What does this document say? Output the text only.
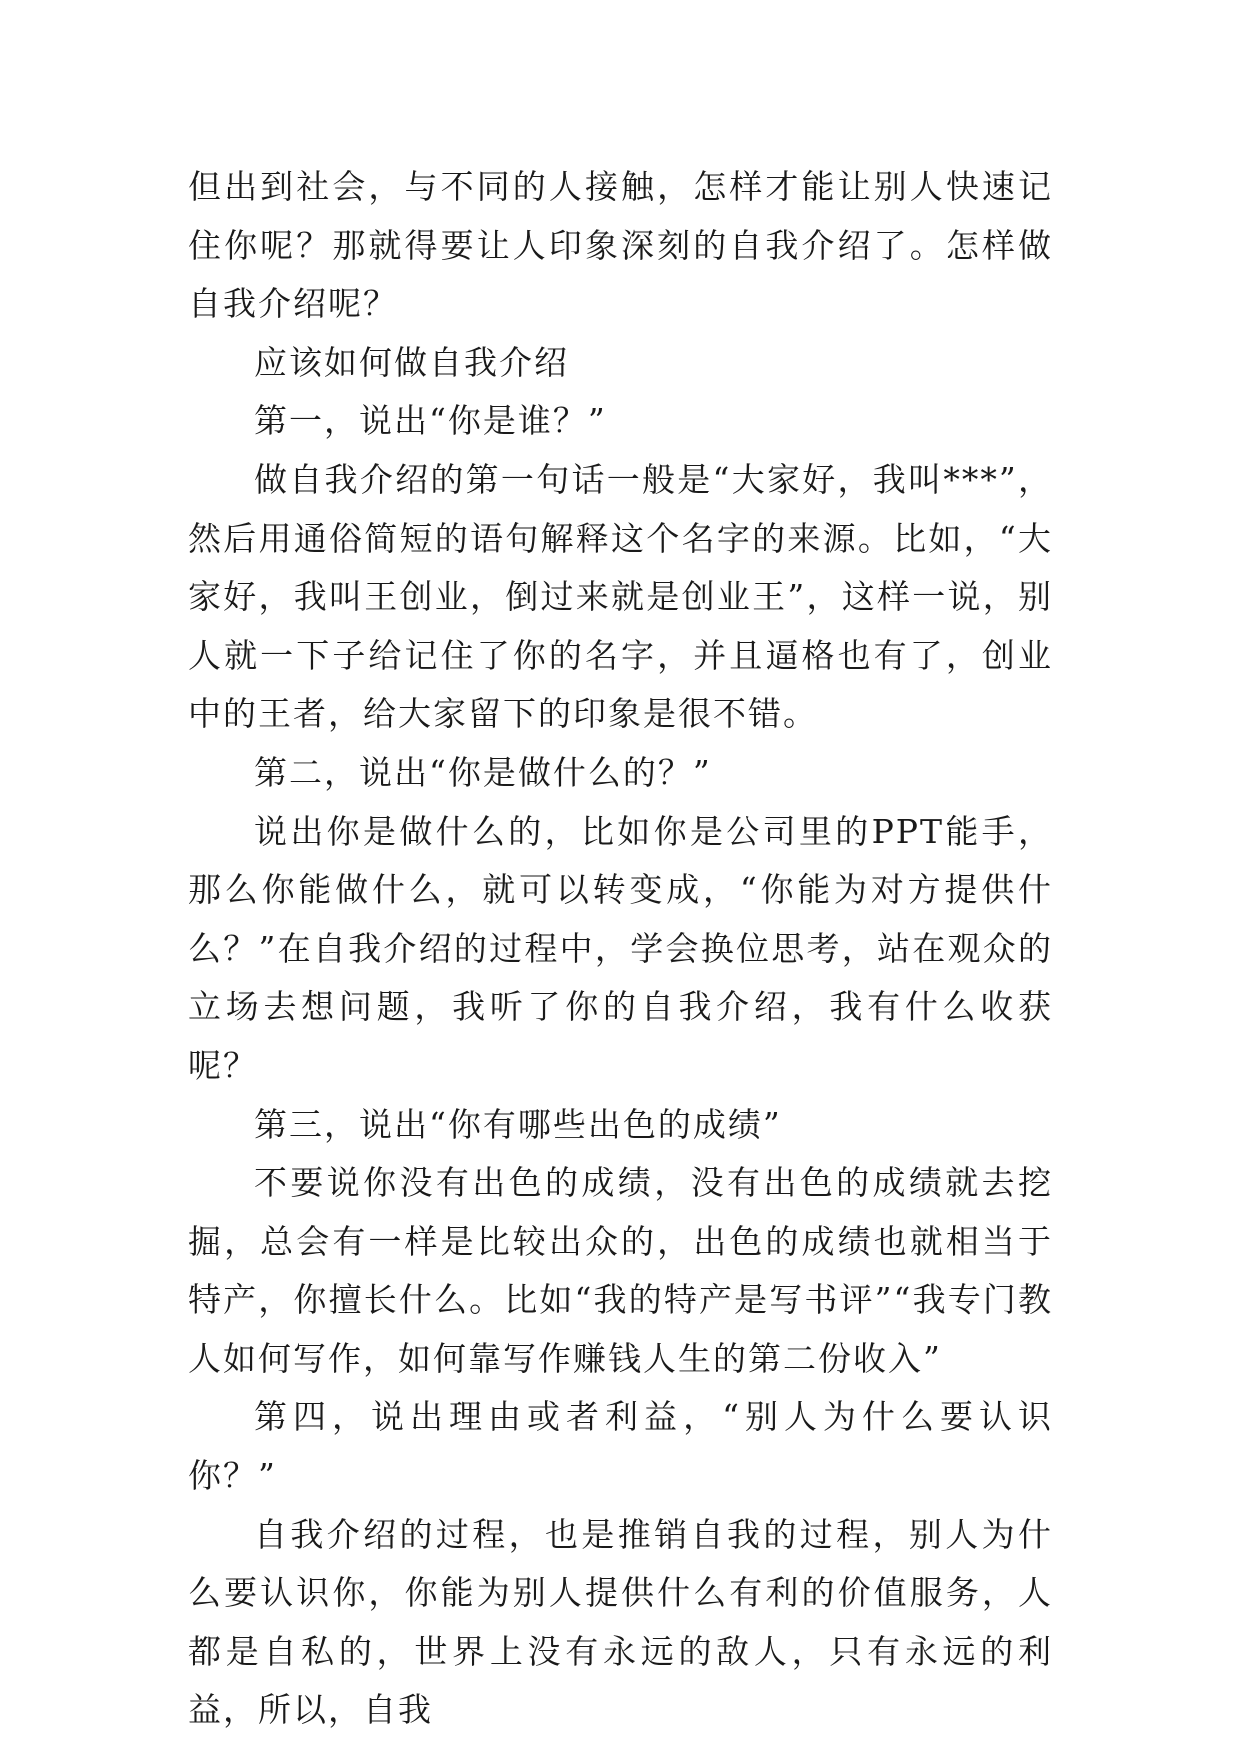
但出到社会，与不同的人接触，怎样才能让别人快速记住你呢？那就得要让人印象深刻的自我介绍了。怎样做自我介绍呢？

应该如何做自我介绍

第一，说出“你是谁？”

做自我介绍的第一句话一般是“大家好，我叫***”，然后用通俗简短的语句解释这个名字的来源。比如，“大家好，我叫王创业，倒过来就是创业王”，这样一说，别人就一下子给记住了你的名字，并且逼格也有了，创业中的王者，给大家留下的印象是很不错。

第二，说出“你是做什么的？”

说出你是做什么的，比如你是公司里的PPT能手，那么你能做什么，就可以转变成，“你能为对方提供什么？”在自我介绍的过程中，学会换位思考，站在观众的立场去想问题，我听了你的自我介绍，我有什么收获呢？

第三，说出“你有哪些出色的成绩”

不要说你没有出色的成绩，没有出色的成绩就去挖掘，总会有一样是比较出众的，出色的成绩也就相当于特产，你擅长什么。比如“我的特产是写书评”“我专门教人如何写作，如何靠写作赚钱人生的第二份收入”

第四，说出理由或者利益，“别人为什么要认识你？”

自我介绍的过程，也是推销自我的过程，别人为什么要认识你，你能为别人提供什么有利的价值服务，人都是自私的，世界上没有永远的敌人，只有永远的利益，所以，自我
